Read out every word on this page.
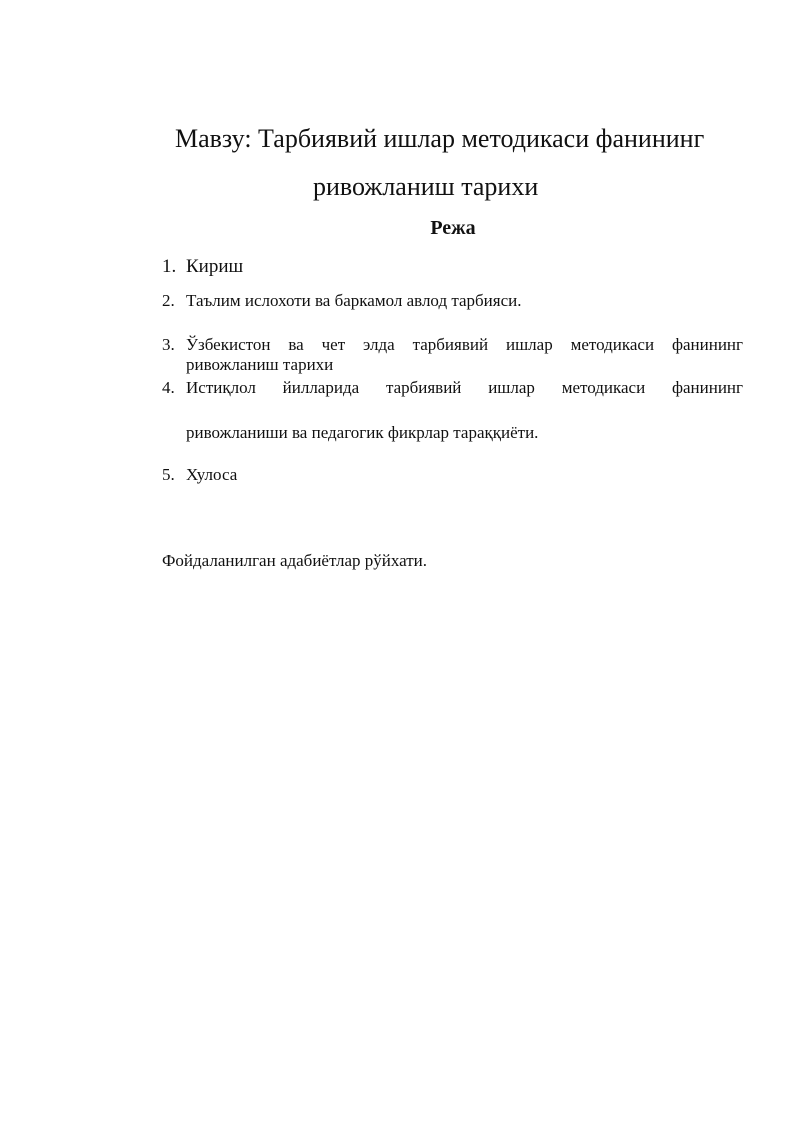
Мавзу: Тарбиявий ишлар методикаси фанининг
ривожланиш тарихи
Режа
1. Кириш
2. Таълим ислохоти ва баркамол авлод тарбияси.
3. Ўзбекистон ва чет элда тарбиявий ишлар методикаси фанининг
ривожланиш тарихи
4. Истиқлол йилларида тарбиявий ишлар методикаси фанининг
ривожланиши ва педагогик фикрлар тараққиёти.
5. Хулоса
Фойдаланилган адабиётлар рўйхати.
